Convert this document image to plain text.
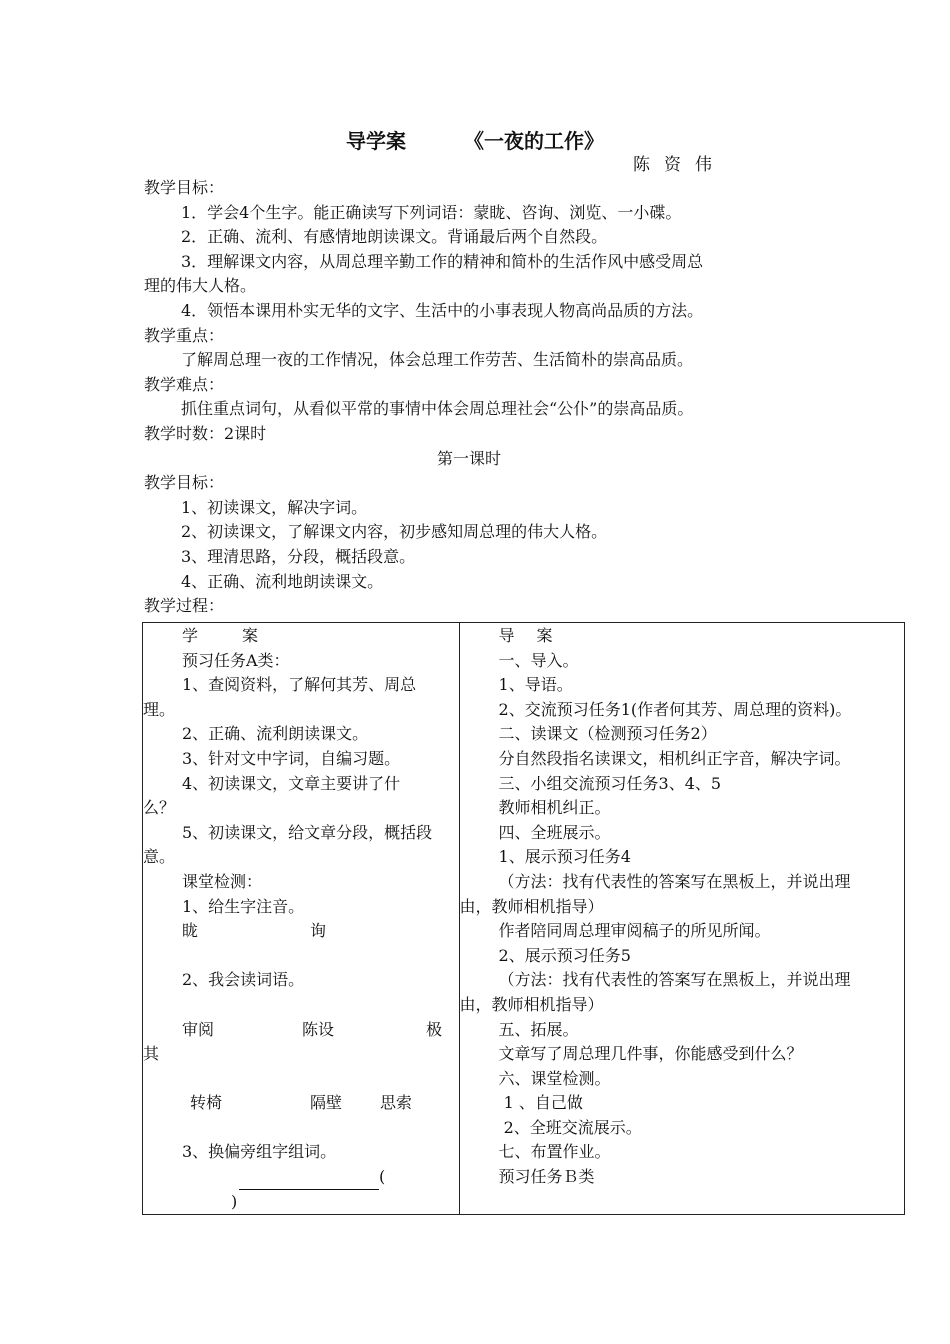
导学案	《一夜的工作》
陈资伟

教学目标：

1．学会4个生字。能正确读写下列词语：蒙眬、咨询、浏览、一小碟。

2．正确、流利、有感情地朗读课文。背诵最后两个自然段。

3．理解课文内容，从周总理辛勤工作的精神和简朴的生活作风中感受周总

理的伟大人格。

4．领悟本课用朴实无华的文字、生活中的小事表现人物高尚品质的方法。

教学重点：

了解周总理一夜的工作情况，体会总理工作劳苦、生活简朴的崇高品质。

教学难点：

抓住重点词句，从看似平常的事情中体会周总理社会“公仆”的崇高品质。

教学时数：2课时

第一课时

教学目标：

1、初读课文，解决字词。

2、初读课文，了解课文内容，初步感知周总理的伟大人格。

3、理清思路，分段，概括段意。

4、正确、流利地朗读课文。

教学过程：

学案

预习任务A类：

1、查阅资料，了解何其芳、周总

理。

2、正确、流利朗读课文。

3、针对文中字词，自编习题。

4、初读课文，文章主要讲了什

么？

5、初读课文，给文章分段，概括段

意。

课堂检测：

1、给生字注音。

眬	询

2、我会读词语。

审阅	陈设	极

其

转椅	隔壁 思索

3、换偏旁组字组词。

(

)

导案

一、导入。

1、导语。

2、交流预习任务1(作者何其芳、周总理的资料)。

二、读课文（检测预习任务2）

分自然段指名读课文，相机纠正字音，解决字词。

三、小组交流预习任务3、4、5

教师相机纠正。

四、全班展示。

1、展示预习任务4

（方法：找有代表性的答案写在黑板上，并说出理

由，教师相机指导）

作者陪同周总理审阅稿子的所见所闻。

2、展示预习任务5

（方法：找有代表性的答案写在黑板上，并说出理

由，教师相机指导）

五、拓展。

文章写了周总理几件事，你能感受到什么？

六、课堂检测。

1 、自己做

2、全班交流展示。

七、布置作业。

预习任务Ｂ类
